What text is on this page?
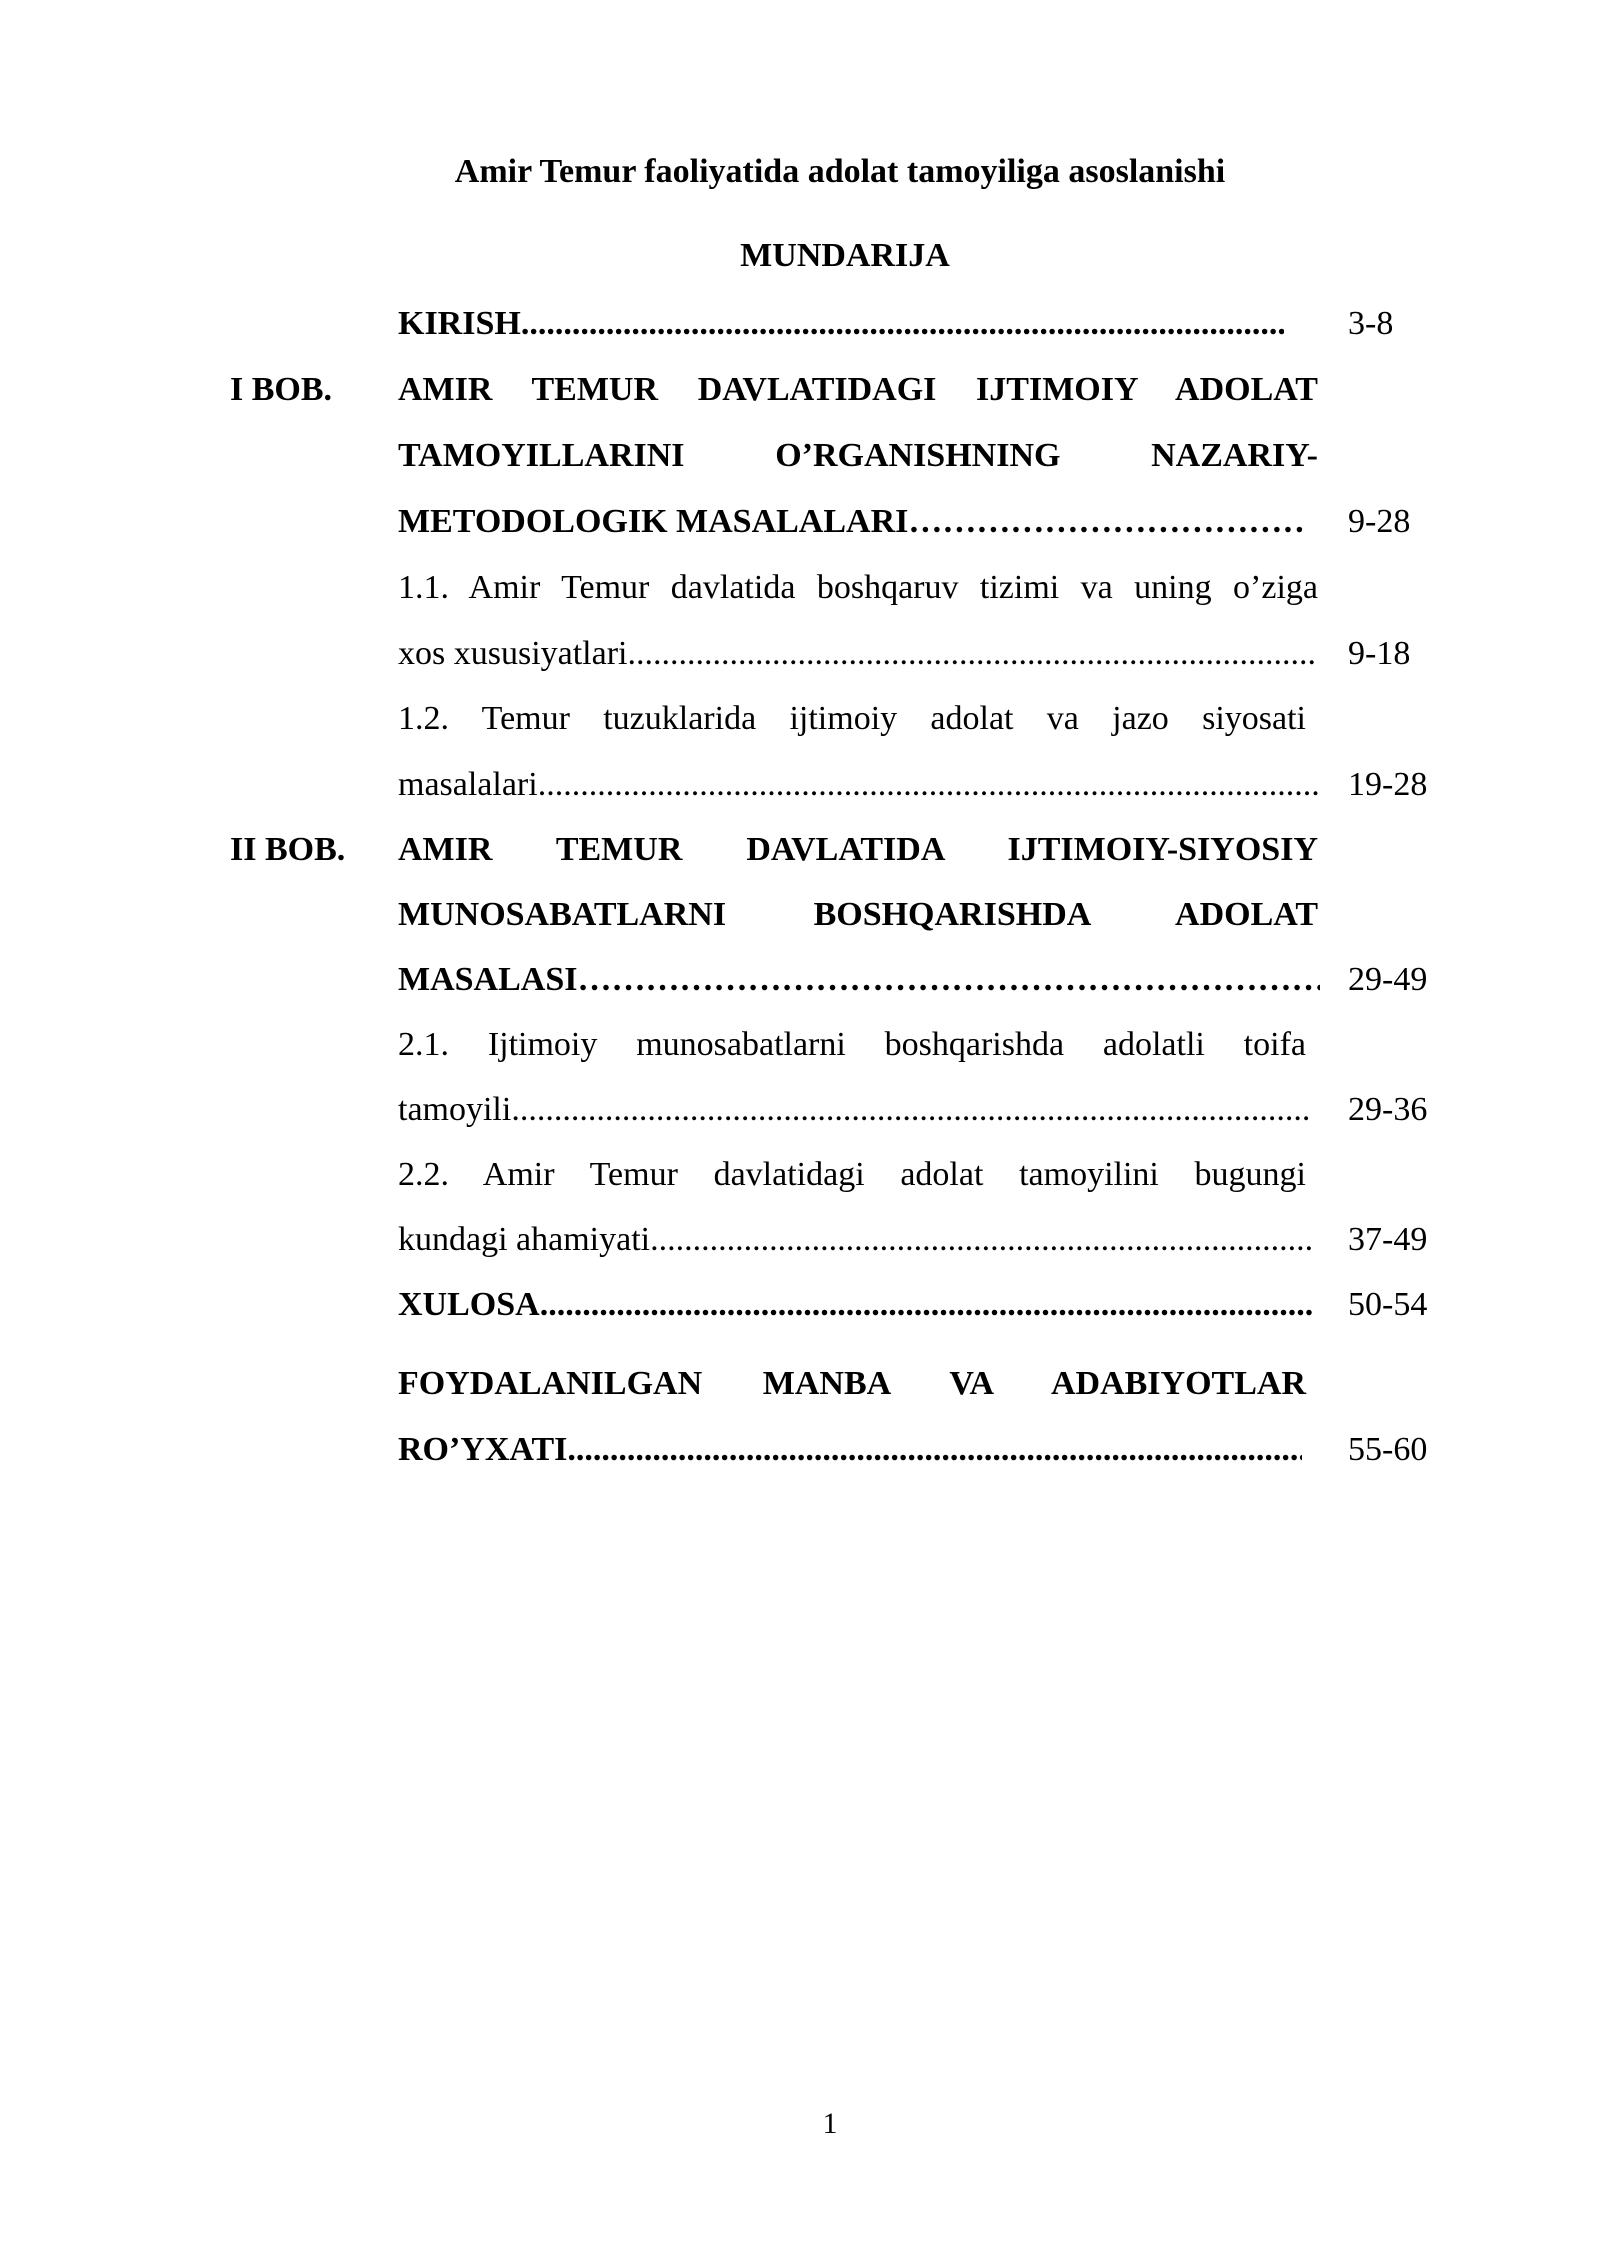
Amir Temur faoliyatida adolat tamoyiliga asoslanishi
MUNDARIJA
KIRISH .....	3-8
I BOB. AMIR TEMUR DAVLATIDAGI IJTIMOIY ADOLAT
TAMOYILLARINI O’RGANISHNING NAZARIY-
METODOLOGIK MASALALARI ……………………………………………………………………………………………………………………………………………………………………………………	9-28
1.1. Amir Temur davlatida boshqaruv tizimi va uning o’ziga
xos xususiyatlari .....	9-18
1.2. Temur tuzuklarida ijtimoiy adolat va jazo siyosati
masalalari .....	19-28
II BOB. AMIR TEMUR DAVLATIDA IJTIMOIY-SIYOSIY
MUNOSABATLARNI BOSHQARISHDA ADOLAT
MASALASI ……………………………………………………………………………………………………………………………………………………………………………………	29-49
2.1. Ijtimoiy munosabatlarni boshqarishda adolatli toifa
tamoyili .....	29-36
2.2. Amir Temur davlatidagi adolat tamoyilini bugungi
kundagi ahamiyati .....	37-49
XULOSA .....	50-54
FOYDALANILGAN MANBA VA ADABIYOTLAR
RO’YXATI .....	55-60
1
